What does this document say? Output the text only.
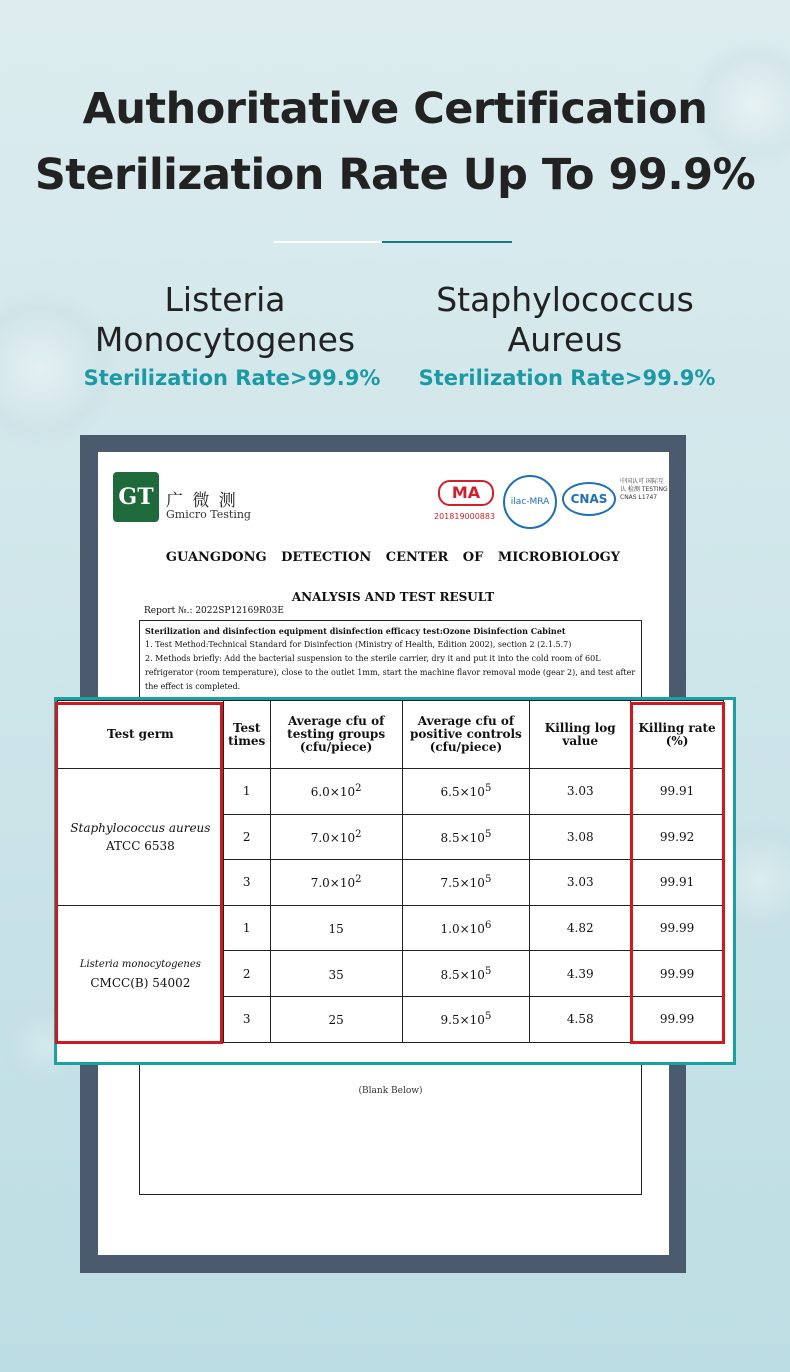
Authoritative Certification
Sterilization Rate Up To 99.9%
Listeria
Monocytogenes
Staphylococcus
Aureus
Sterilization Rate>99.9%	Sterilization Rate>99.9%
GT 广 微 测
Gmicro Testing
MA
201819000883
ilac-MRA	CNAS
中国认可 国际互认 检测 TESTING CNAS L1747
GUANGDONG DETECTION CENTER OF MICROBIOLOGY
ANALYSIS AND TEST RESULT
Report №.: 2022SP12169R03E
Sterilization and disinfection equipment disinfection efficacy test:Ozone Disinfection Cabinet
1. Test Method:Technical Standard for Disinfection (Ministry of Health, Edition 2002), section 2 (2.1.5.7)
2. Methods briefly: Add the bacterial suspension to the sterile carrier, dry it and put it into the cold room of 60L refrigerator (room temperature), close to the outlet 1mm, start the machine flavor removal mode (gear 2), and test after the effect is completed.
Test germ	Test times	Average cfu of testing groups (cfu/piece)	Average cfu of positive controls (cfu/piece)	Killing log value	Killing rate (%)

Staphylococcus aureus
ATCC 6538	1	$6.0\times 10^2$	$6.5\times 10^5$	3.03	99.91
	2	$7.0\times 10^2$	$8.5\times 10^5$	3.08	99.92
	3	$7.0\times 10^2$	$7.5\times 10^5$	3.03	99.91

Listeria monocytogenes
CMCC(B) 54002	1	15	$1.0\times 10^6$	4.82	99.99
	2	35	$8.5\times 10^5$	4.39	99.99
	3	25	$9.5\times 10^5$	4.58	99.99
(Blank Below)
